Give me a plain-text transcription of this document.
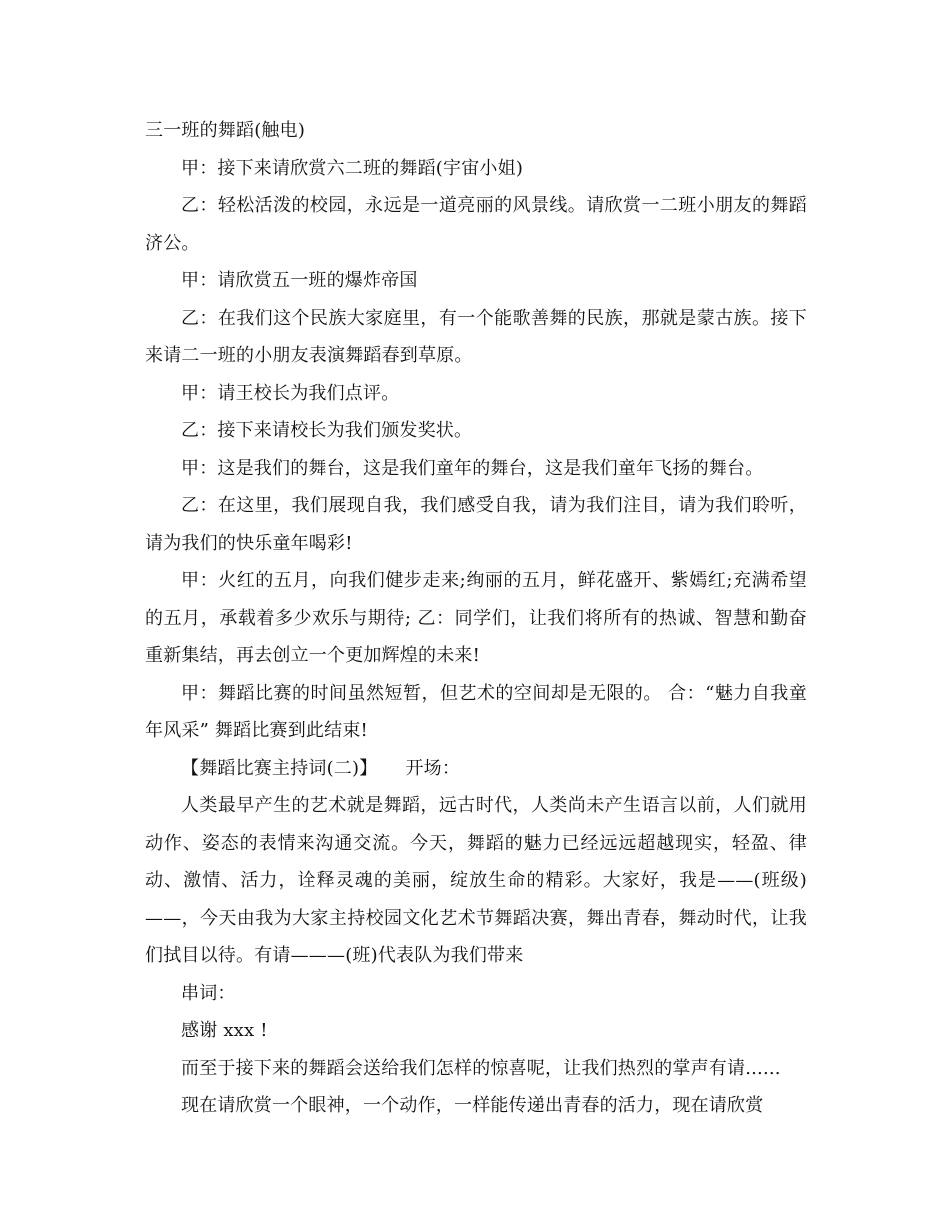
三一班的舞蹈(触电)

甲：接下来请欣赏六二班的舞蹈(宇宙小姐)

乙：轻松活泼的校园，永远是一道亮丽的风景线。请欣赏一二班小朋友的舞蹈济公。

甲：请欣赏五一班的爆炸帝国

乙：在我们这个民族大家庭里，有一个能歌善舞的民族，那就是蒙古族。接下来请二一班的小朋友表演舞蹈春到草原。

甲：请王校长为我们点评。

乙：接下来请校长为我们颁发奖状。

甲：这是我们的舞台，这是我们童年的舞台，这是我们童年飞扬的舞台。

乙：在这里，我们展现自我，我们感受自我，请为我们注目，请为我们聆听，请为我们的快乐童年喝彩!

甲：火红的五月，向我们健步走来;绚丽的五月，鲜花盛开、紫嫣红;充满希望的五月，承载着多少欢乐与期待; 乙：同学们，让我们将所有的热诚、智慧和勤奋重新集结，再去创立一个更加辉煌的未来!

甲：舞蹈比赛的时间虽然短暂，但艺术的空间却是无限的。 合：“魅力自我童年风采” 舞蹈比赛到此结束!

【舞蹈比赛主持词(二)】 开场：

人类最早产生的艺术就是舞蹈，远古时代，人类尚未产生语言以前，人们就用动作、姿态的表情来沟通交流。今天，舞蹈的魅力已经远远超越现实，轻盈、律动、激情、活力，诠释灵魂的美丽，绽放生命的精彩。大家好，我是——(班级)——，今天由我为大家主持校园文化艺术节舞蹈决赛，舞出青春，舞动时代，让我们拭目以待。有请———(班)代表队为我们带来

串词：

感谢 xxx !

而至于接下来的舞蹈会送给我们怎样的惊喜呢，让我们热烈的掌声有请......

现在请欣赏一个眼神，一个动作，一样能传递出青春的活力，现在请欣赏
